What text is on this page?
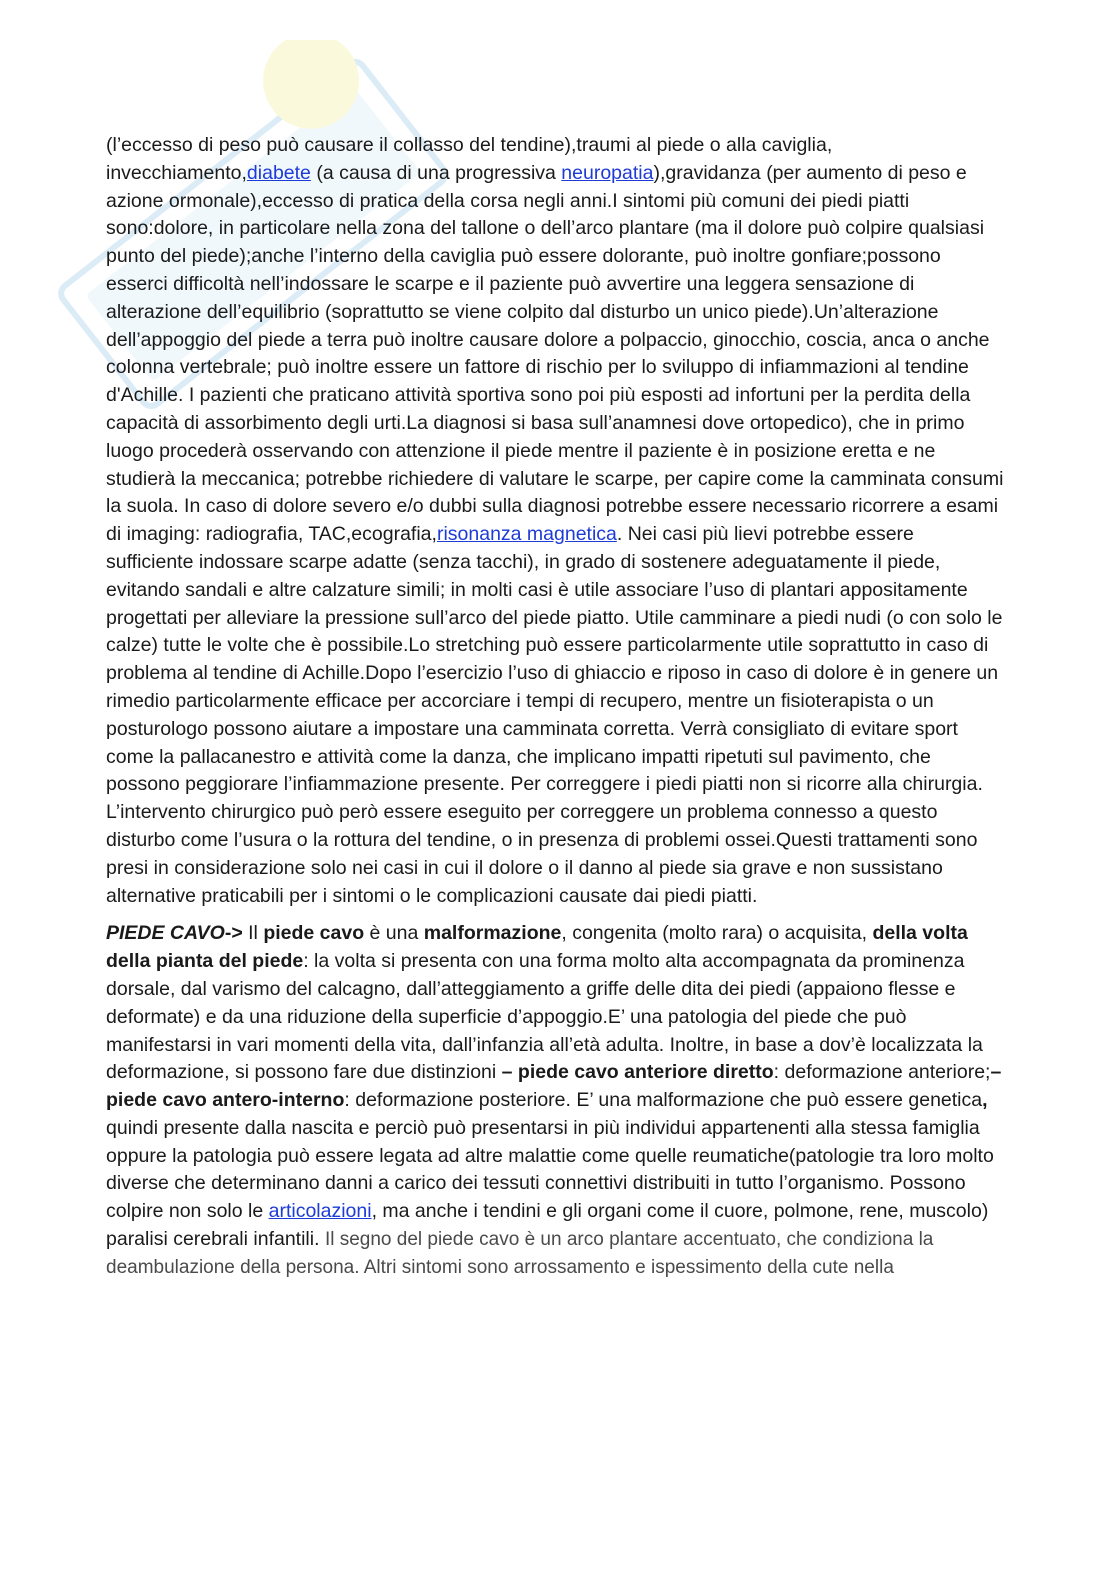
(l’eccesso di peso può causare il collasso del tendine),traumi al piede o alla caviglia, invecchiamento,diabete (a causa di una progressiva neuropatia),gravidanza (per aumento di peso e azione ormonale),eccesso di pratica della corsa negli anni.I sintomi più comuni dei piedi piatti sono:dolore, in particolare nella zona del tallone o dell’arco plantare (ma il dolore può colpire qualsiasi punto del piede);anche l’interno della caviglia può essere dolorante, può inoltre gonfiare;possono esserci difficoltà nell’indossare le scarpe e il paziente può avvertire una leggera sensazione di alterazione dell’equilibrio (soprattutto se viene colpito dal disturbo un unico piede).Un’alterazione dell’appoggio del piede a terra può inoltre causare dolore a polpaccio, ginocchio, coscia, anca o anche colonna vertebrale; può inoltre essere un fattore di rischio per lo sviluppo di infiammazioni al tendine d'Achille. I pazienti che praticano attività sportiva sono poi più esposti ad infortuni per la perdita della capacità di assorbimento degli urti.La diagnosi si basa sull’anamnesi dove ortopedico), che in primo luogo procederà osservando con attenzione il piede mentre il paziente è in posizione eretta e ne studierà la meccanica; potrebbe richiedere di valutare le scarpe, per capire come la camminata consumi la suola. In caso di dolore severo e/o dubbi sulla diagnosi potrebbe essere necessario ricorrere a esami di imaging: radiografia, TAC,ecografia,risonanza magnetica. Nei casi più lievi potrebbe essere sufficiente indossare scarpe adatte (senza tacchi), in grado di sostenere adeguatamente il piede, evitando sandali e altre calzature simili; in molti casi è utile associare l’uso di plantari appositamente progettati per alleviare la pressione sull’arco del piede piatto. Utile camminare a piedi nudi (o con solo le calze) tutte le volte che è possibile.Lo stretching può essere particolarmente utile soprattutto in caso di problema al tendine di Achille.Dopo l’esercizio l’uso di ghiaccio e riposo in caso di dolore è in genere un rimedio particolarmente efficace per accorciare i tempi di recupero, mentre un fisioterapista o un posturologo possono aiutare a impostare una camminata corretta. Verrà consigliato di evitare sport come la pallacanestro e attività come la danza, che implicano impatti ripetuti sul pavimento, che possono peggiorare l’infiammazione presente. Per correggere i piedi piatti non si ricorre alla chirurgia. L’intervento chirurgico può però essere eseguito per correggere un problema connesso a questo disturbo come l’usura o la rottura del tendine, o in presenza di problemi ossei.Questi trattamenti sono presi in considerazione solo nei casi in cui il dolore o il danno al piede sia grave e non sussistano alternative praticabili per i sintomi o le complicazioni causate dai piedi piatti.

PIEDE CAVO-> Il piede cavo è una malformazione, congenita (molto rara) o acquisita, della volta della pianta del piede: la volta si presenta con una forma molto alta accompagnata da prominenza dorsale, dal varismo del calcagno, dall’atteggiamento a griffe delle dita dei piedi (appaiono flesse e deformate) e da una riduzione della superficie d’appoggio.E’ una patologia del piede che può manifestarsi in vari momenti della vita, dall’infanzia all’età adulta. Inoltre, in base a dov’è localizzata la deformazione, si possono fare due distinzioni – piede cavo anteriore diretto: deformazione anteriore;– piede cavo antero-interno: deformazione posteriore. E’ una malformazione che può essere genetica, quindi presente dalla nascita e perciò può presentarsi in più individui appartenenti alla stessa famiglia oppure la patologia può essere legata ad altre malattie come quelle reumatiche(patologie tra loro molto diverse che determinano danni a carico dei tessuti connettivi distribuiti in tutto l’organismo. Possono colpire non solo le articolazioni, ma anche i tendini e gli organi come il cuore, polmone, rene, muscolo) paralisi cerebrali infantili. Il segno del piede cavo è un arco plantare accentuato, che condiziona la deambulazione della persona. Altri sintomi sono arrossamento e ispessimento della cute nella
